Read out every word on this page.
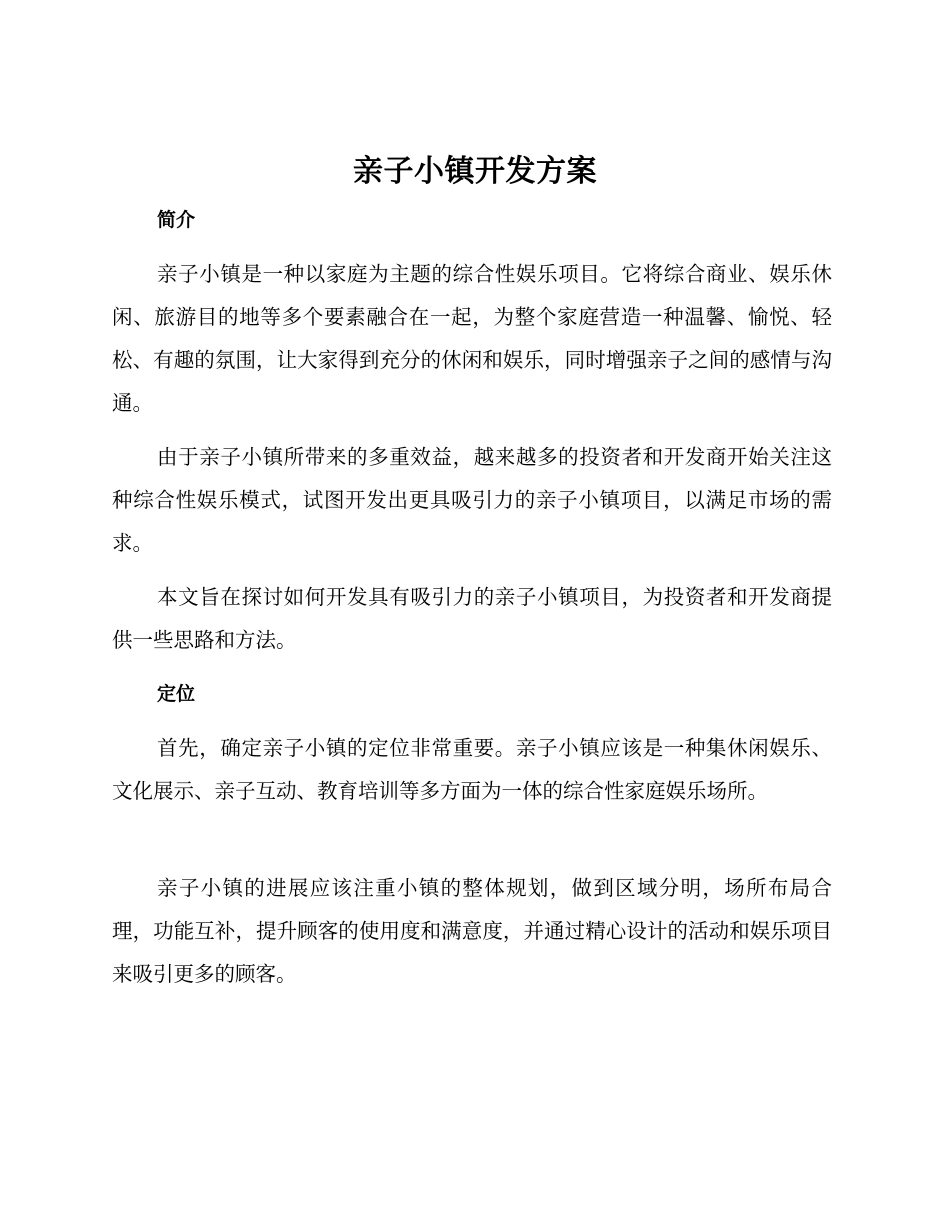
亲子小镇开发方案
简介

亲子小镇是一种以家庭为主题的综合性娱乐项目。它将综合商业、娱乐休闲、旅游目的地等多个要素融合在一起，为整个家庭营造一种温馨、愉悦、轻松、有趣的氛围，让大家得到充分的休闲和娱乐，同时增强亲子之间的感情与沟通。

由于亲子小镇所带来的多重效益，越来越多的投资者和开发商开始关注这种综合性娱乐模式，试图开发出更具吸引力的亲子小镇项目，以满足市场的需求。

本文旨在探讨如何开发具有吸引力的亲子小镇项目，为投资者和开发商提供一些思路和方法。

定位

首先，确定亲子小镇的定位非常重要。亲子小镇应该是一种集休闲娱乐、文化展示、亲子互动、教育培训等多方面为一体的综合性家庭娱乐场所。

亲子小镇的进展应该注重小镇的整体规划，做到区域分明，场所布局合理，功能互补，提升顾客的使用度和满意度，并通过精心设计的活动和娱乐项目来吸引更多的顾客。
